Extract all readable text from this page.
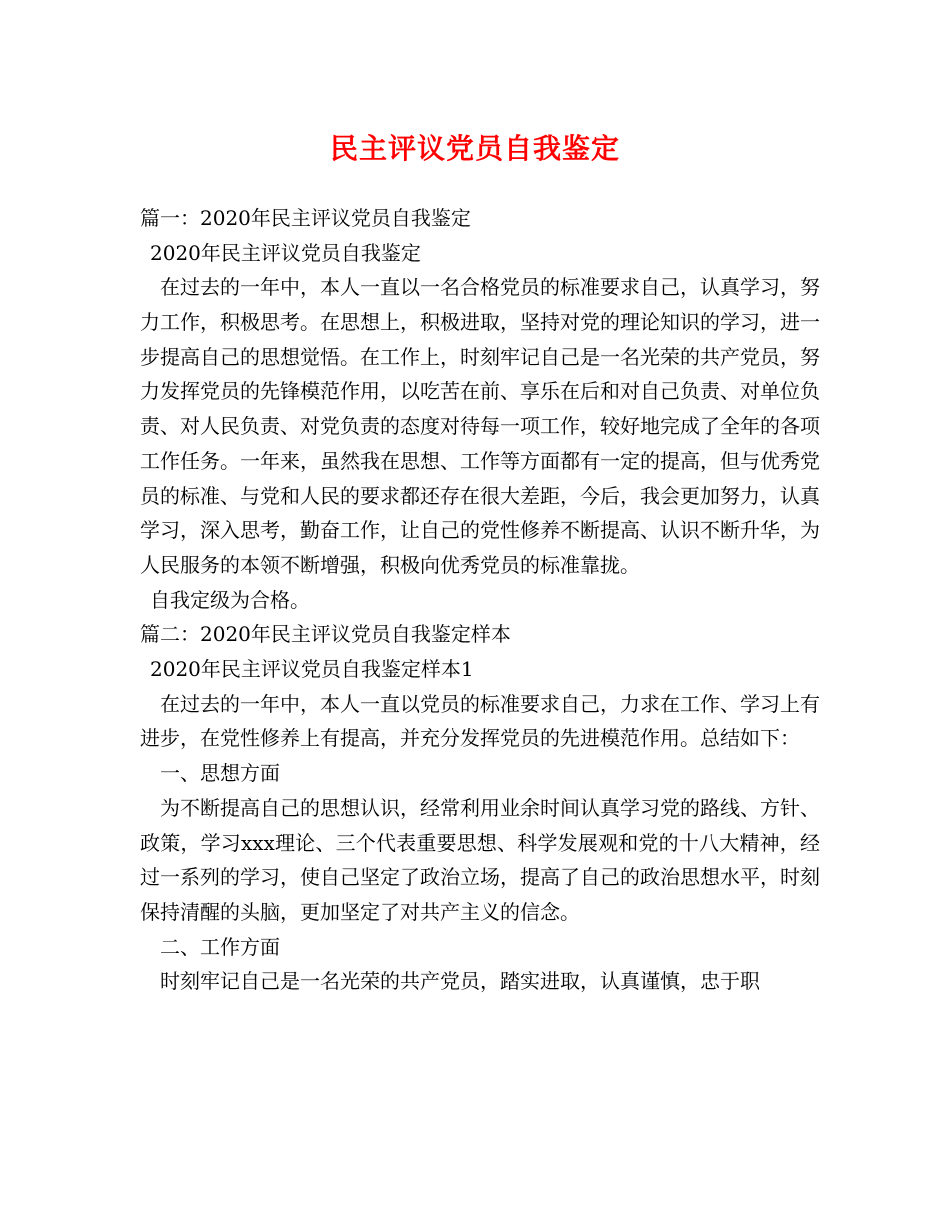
民主评议党员自我鉴定
篇一：2020年民主评议党员自我鉴定
2020年民主评议党员自我鉴定

在过去的一年中，本人一直以一名合格党员的标准要求自己，认真学习，努力工作，积极思考。在思想上，积极进取，坚持对党的理论知识的学习，进一步提高自己的思想觉悟。在工作上，时刻牢记自己是一名光荣的共产党员，努力发挥党员的先锋模范作用，以吃苦在前、享乐在后和对自己负责、对单位负责、对人民负责、对党负责的态度对待每一项工作，较好地完成了全年的各项工作任务。一年来，虽然我在思想、工作等方面都有一定的提高，但与优秀党员的标准、与党和人民的要求都还存在很大差距，今后，我会更加努力，认真学习，深入思考，勤奋工作，让自己的党性修养不断提高、认识不断升华，为人民服务的本领不断增强，积极向优秀党员的标准靠拢。

自我定级为合格。
篇二：2020年民主评议党员自我鉴定样本
2020年民主评议党员自我鉴定样本1

在过去的一年中，本人一直以党员的标准要求自己，力求在工作、学习上有进步，在党性修养上有提高，并充分发挥党员的先进模范作用。总结如下：

一、思想方面

为不断提高自己的思想认识，经常利用业余时间认真学习党的路线、方针、政策，学习xxx理论、三个代表重要思想、科学发展观和党的十八大精神，经过一系列的学习，使自己坚定了政治立场，提高了自己的政治思想水平，时刻保持清醒的头脑，更加坚定了对共产主义的信念。

二、工作方面

时刻牢记自己是一名光荣的共产党员，踏实进取，认真谨慎，忠于职
